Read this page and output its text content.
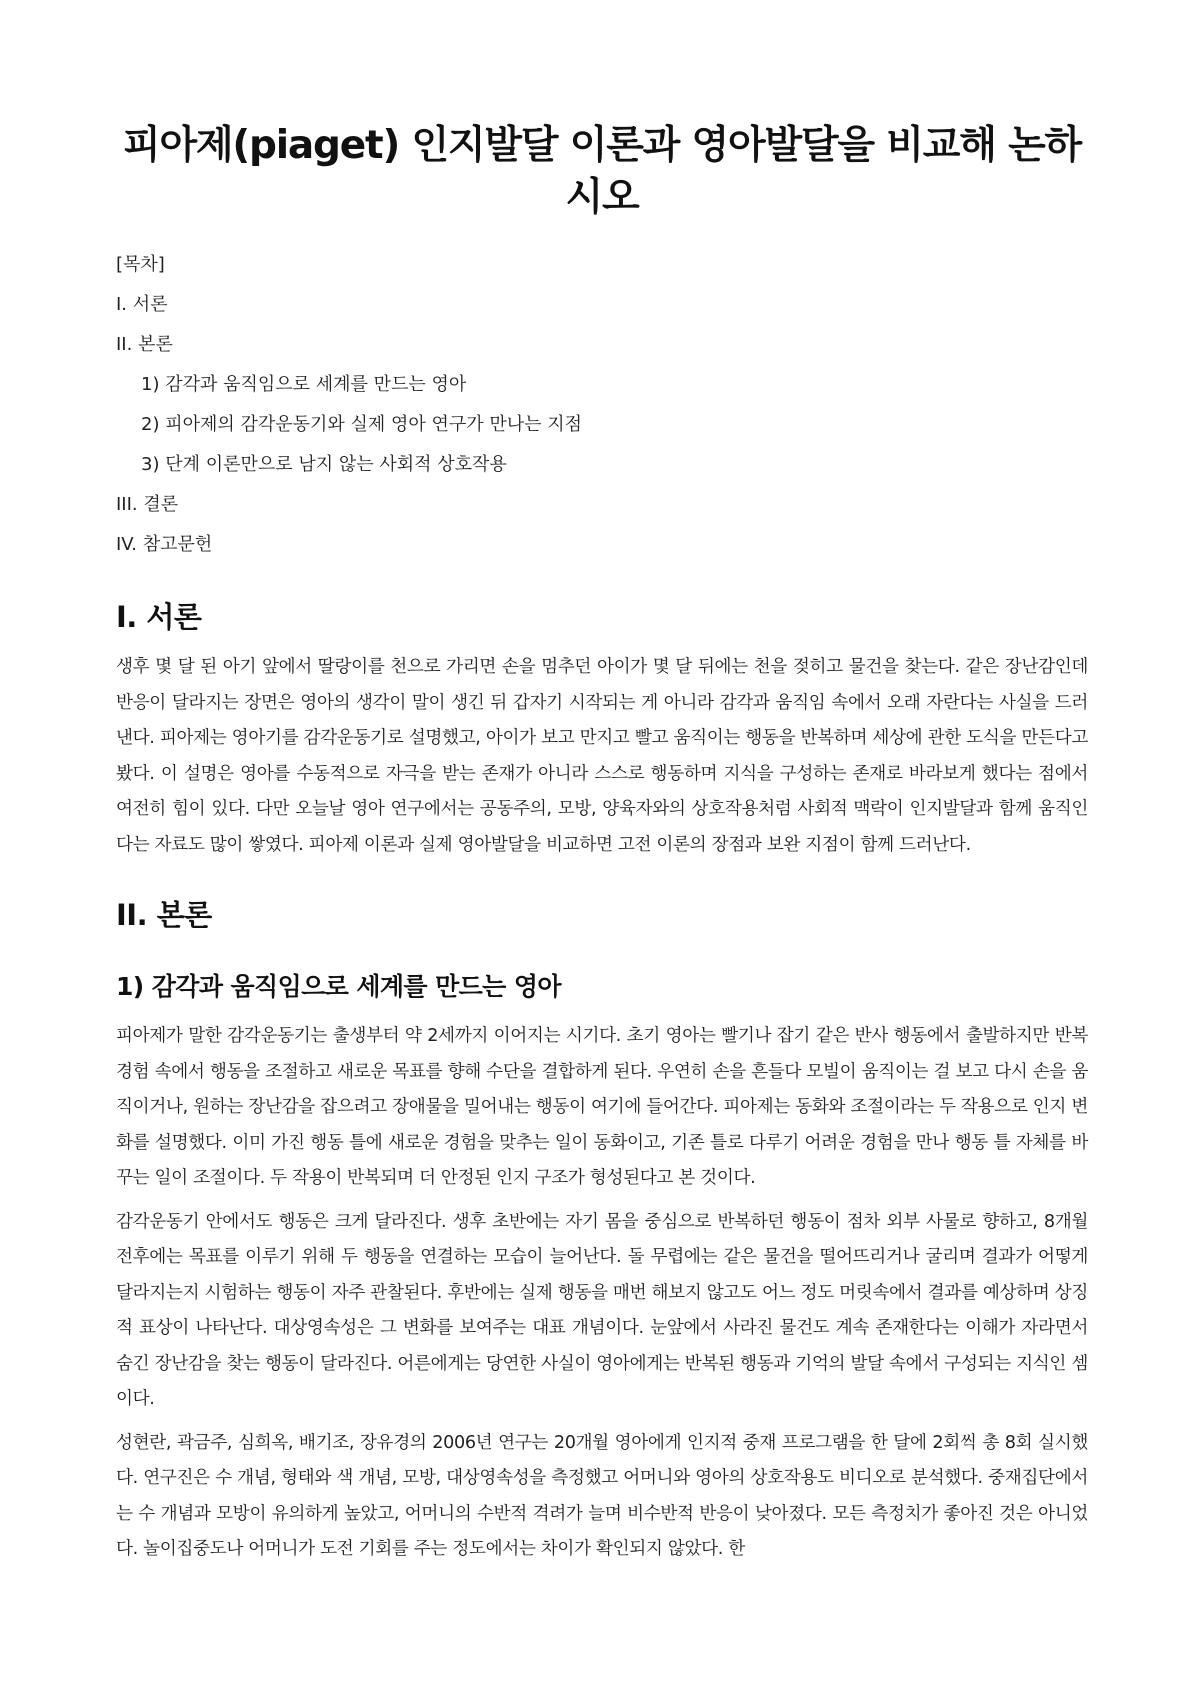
피아제(piaget) 인지발달 이론과 영아발달을 비교해 논하시오
[목차]
I. 서론
II. 본론
1) 감각과 움직임으로 세계를 만드는 영아
2) 피아제의 감각운동기와 실제 영아 연구가 만나는 지점
3) 단계 이론만으로 남지 않는 사회적 상호작용
III. 결론
IV. 참고문헌
I. 서론

생후 몇 달 된 아기 앞에서 딸랑이를 천으로 가리면 손을 멈추던 아이가 몇 달 뒤에는 천을 젖히고 물건을 찾는다. 같은 장난감인데 반응이 달라지는 장면은 영아의 생각이 말이 생긴 뒤 갑자기 시작되는 게 아니라 감각과 움직임 속에서 오래 자란다는 사실을 드러낸다. 피아제는 영아기를 감각운동기로 설명했고, 아이가 보고 만지고 빨고 움직이는 행동을 반복하며 세상에 관한 도식을 만든다고 봤다. 이 설명은 영아를 수동적으로 자극을 받는 존재가 아니라 스스로 행동하며 지식을 구성하는 존재로 바라보게 했다는 점에서 여전히 힘이 있다. 다만 오늘날 영아 연구에서는 공동주의, 모방, 양육자와의 상호작용처럼 사회적 맥락이 인지발달과 함께 움직인다는 자료도 많이 쌓였다. 피아제 이론과 실제 영아발달을 비교하면 고전 이론의 장점과 보완 지점이 함께 드러난다.

II. 본론
1) 감각과 움직임으로 세계를 만드는 영아

피아제가 말한 감각운동기는 출생부터 약 2세까지 이어지는 시기다. 초기 영아는 빨기나 잡기 같은 반사 행동에서 출발하지만 반복 경험 속에서 행동을 조절하고 새로운 목표를 향해 수단을 결합하게 된다. 우연히 손을 흔들다 모빌이 움직이는 걸 보고 다시 손을 움직이거나, 원하는 장난감을 잡으려고 장애물을 밀어내는 행동이 여기에 들어간다. 피아제는 동화와 조절이라는 두 작용으로 인지 변화를 설명했다. 이미 가진 행동 틀에 새로운 경험을 맞추는 일이 동화이고, 기존 틀로 다루기 어려운 경험을 만나 행동 틀 자체를 바꾸는 일이 조절이다. 두 작용이 반복되며 더 안정된 인지 구조가 형성된다고 본 것이다.

감각운동기 안에서도 행동은 크게 달라진다. 생후 초반에는 자기 몸을 중심으로 반복하던 행동이 점차 외부 사물로 향하고, 8개월 전후에는 목표를 이루기 위해 두 행동을 연결하는 모습이 늘어난다. 돌 무렵에는 같은 물건을 떨어뜨리거나 굴리며 결과가 어떻게 달라지는지 시험하는 행동이 자주 관찰된다. 후반에는 실제 행동을 매번 해보지 않고도 어느 정도 머릿속에서 결과를 예상하며 상징적 표상이 나타난다. 대상영속성은 그 변화를 보여주는 대표 개념이다. 눈앞에서 사라진 물건도 계속 존재한다는 이해가 자라면서 숨긴 장난감을 찾는 행동이 달라진다. 어른에게는 당연한 사실이 영아에게는 반복된 행동과 기억의 발달 속에서 구성되는 지식인 셈이다.

성현란, 곽금주, 심희옥, 배기조, 장유경의 2006년 연구는 20개월 영아에게 인지적 중재 프로그램을 한 달에 2회씩 총 8회 실시했다. 연구진은 수 개념, 형태와 색 개념, 모방, 대상영속성을 측정했고 어머니와 영아의 상호작용도 비디오로 분석했다. 중재집단에서는 수 개념과 모방이 유의하게 높았고, 어머니의 수반적 격려가 늘며 비수반적 반응이 낮아졌다. 모든 측정치가 좋아진 것은 아니었다. 놀이집중도나 어머니가 도전 기회를 주는 정도에서는 차이가 확인되지 않았다. 한
